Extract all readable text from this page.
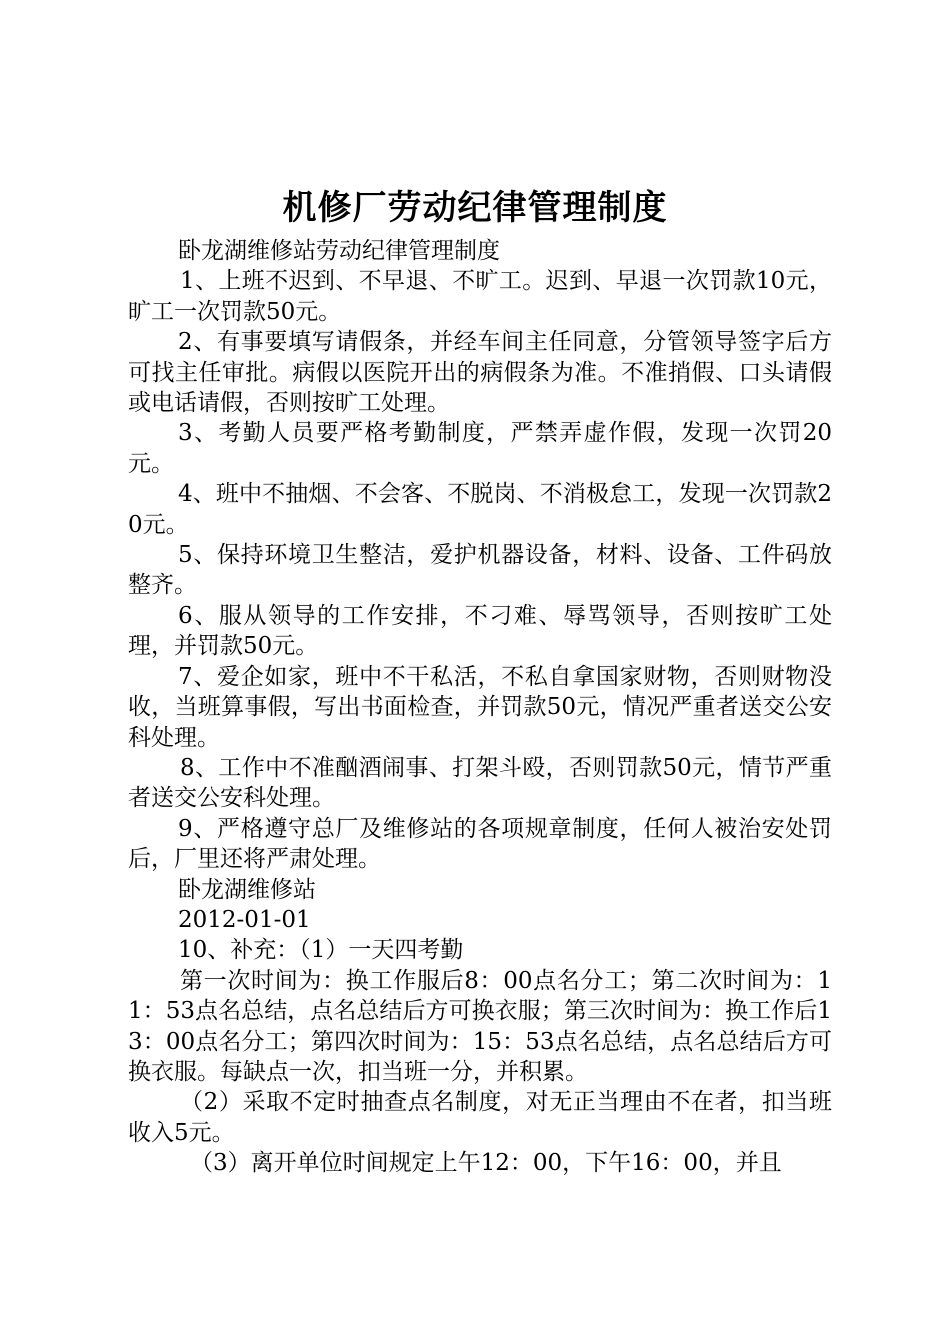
机修厂劳动纪律管理制度

卧龙湖维修站劳动纪律管理制度

1、上班不迟到、不早退、不旷工。迟到、早退一次罚款10元，旷工一次罚款50元。

2、有事要填写请假条，并经车间主任同意，分管领导签字后方可找主任审批。病假以医院开出的病假条为准。不准捎假、口头请假或电话请假，否则按旷工处理。

3、考勤人员要严格考勤制度，严禁弄虚作假，发现一次罚20元。

4、班中不抽烟、不会客、不脱岗、不消极怠工，发现一次罚款20元。

5、保持环境卫生整洁，爱护机器设备，材料、设备、工件码放整齐。

6、服从领导的工作安排，不刁难、辱骂领导，否则按旷工处理，并罚款50元。

7、爱企如家，班中不干私活，不私自拿国家财物，否则财物没收，当班算事假，写出书面检查，并罚款50元，情况严重者送交公安科处理。

8、工作中不准酗酒闹事、打架斗殴，否则罚款50元，情节严重者送交公安科处理。

9、严格遵守总厂及维修站的各项规章制度，任何人被治安处罚后，厂里还将严肃处理。

卧龙湖维修站

2012-01-01

10、补充：（1）一天四考勤

第一次时间为：换工作服后8：00点名分工；第二次时间为：11：53点名总结，点名总结后方可换衣服；第三次时间为：换工作后13：00点名分工；第四次时间为：15：53点名总结，点名总结后方可换衣服。每缺点一次，扣当班一分，并积累。

（2）采取不定时抽查点名制度，对无正当理由不在者，扣当班收入5元。

（3）离开单位时间规定上午12：00，下午16：00，并且
